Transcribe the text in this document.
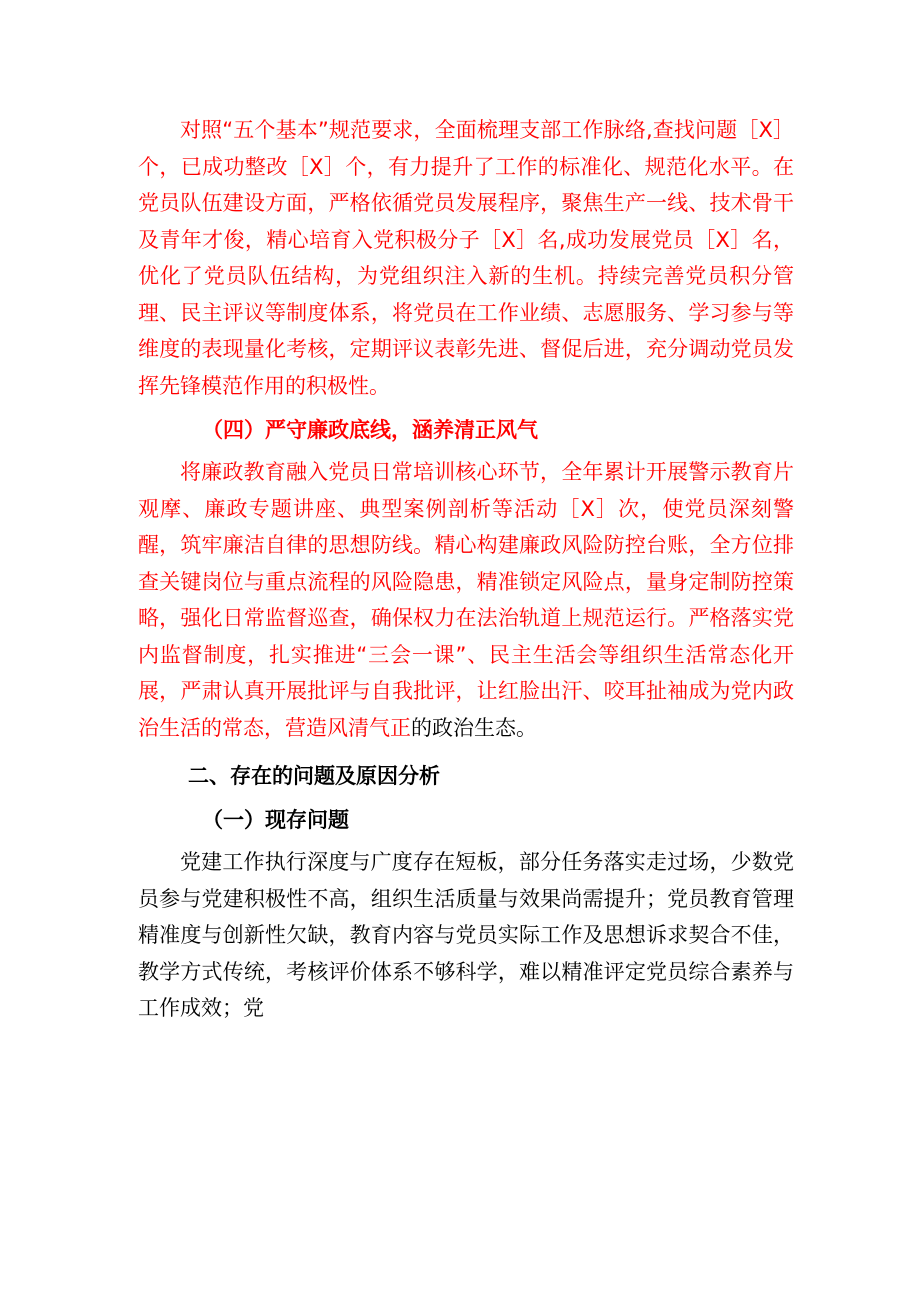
对照“五个基本”规范要求，全面梳理支部工作脉络,查找问题［X］个，已成功整改［X］个，有力提升了工作的标准化、规范化水平。在党员队伍建设方面，严格依循党员发展程序，聚焦生产一线、技术骨干及青年才俊，精心培育入党积极分子［X］名,成功发展党员［X］名，优化了党员队伍结构，为党组织注入新的生机。持续完善党员积分管理、民主评议等制度体系，将党员在工作业绩、志愿服务、学习参与等维度的表现量化考核，定期评议表彰先进、督促后进，充分调动党员发挥先锋模范作用的积极性。

（四）严守廉政底线，涵养清正风气

将廉政教育融入党员日常培训核心环节，全年累计开展警示教育片观摩、廉政专题讲座、典型案例剖析等活动［X］次，使党员深刻警醒，筑牢廉洁自律的思想防线。精心构建廉政风险防控台账，全方位排查关键岗位与重点流程的风险隐患，精准锁定风险点，量身定制防控策略，强化日常监督巡查，确保权力在法治轨道上规范运行。严格落实党内监督制度，扎实推进“三会一课”、民主生活会等组织生活常态化开展，严肃认真开展批评与自我批评，让红脸出汗、咬耳扯袖成为党内政治生活的常态，营造风清气正的政治生态。

二、存在的问题及原因分析

（一）现存问题

党建工作执行深度与广度存在短板，部分任务落实走过场，少数党员参与党建积极性不高，组织生活质量与效果尚需提升；党员教育管理精准度与创新性欠缺，教育内容与党员实际工作及思想诉求契合不佳，教学方式传统，考核评价体系不够科学，难以精准评定党员综合素养与工作成效；党
